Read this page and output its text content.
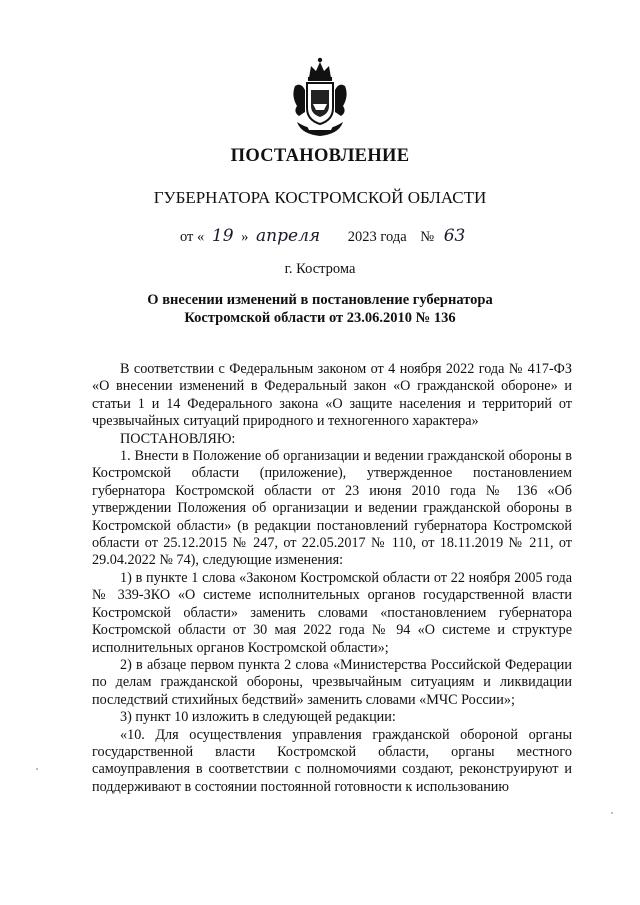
ПОСТАНОВЛЕНИЕ
ГУБЕРНАТОРА КОСТРОМСКОЙ ОБЛАСТИ
от « 19 » апреля 2023 года № 63
г. Кострома
О внесении изменений в постановление губернатора
Костромской области от 23.06.2010 № 136

В соответствии с Федеральным законом от 4 ноября 2022 года № 417-ФЗ «О внесении изменений в Федеральный закон «О гражданской обороне» и статьи 1 и 14 Федерального закона «О защите населения и территорий от чрезвычайных ситуаций природного и техногенного характера»

ПОСТАНОВЛЯЮ:

1. Внести в Положение об организации и ведении гражданской обороны в Костромской области (приложение), утвержденное постановлением губернатора Костромской области от 23 июня 2010 года № 136 «Об утверждении Положения об организации и ведении гражданской обороны в Костромской области» (в редакции постановлений губернатора Костромской области от 25.12.2015 № 247, от 22.05.2017 № 110, от 18.11.2019 № 211, от 29.04.2022 № 74), следующие изменения:

1) в пункте 1 слова «Законом Костромской области от 22 ноября 2005 года № 339-ЗКО «О системе исполнительных органов государственной власти Костромской области» заменить словами «постановлением губернатора Костромской области от 30 мая 2022 года № 94 «О системе и структуре исполнительных органов Костромской области»;

2) в абзаце первом пункта 2 слова «Министерства Российской Федерации по делам гражданской обороны, чрезвычайным ситуациям и ликвидации последствий стихийных бедствий» заменить словами «МЧС России»;

3) пункт 10 изложить в следующей редакции:

«10. Для осуществления управления гражданской обороной органы государственной власти Костромской области, органы местного самоуправления в соответствии с полномочиями создают, реконструируют и поддерживают в состоянии постоянной готовности к использованию
